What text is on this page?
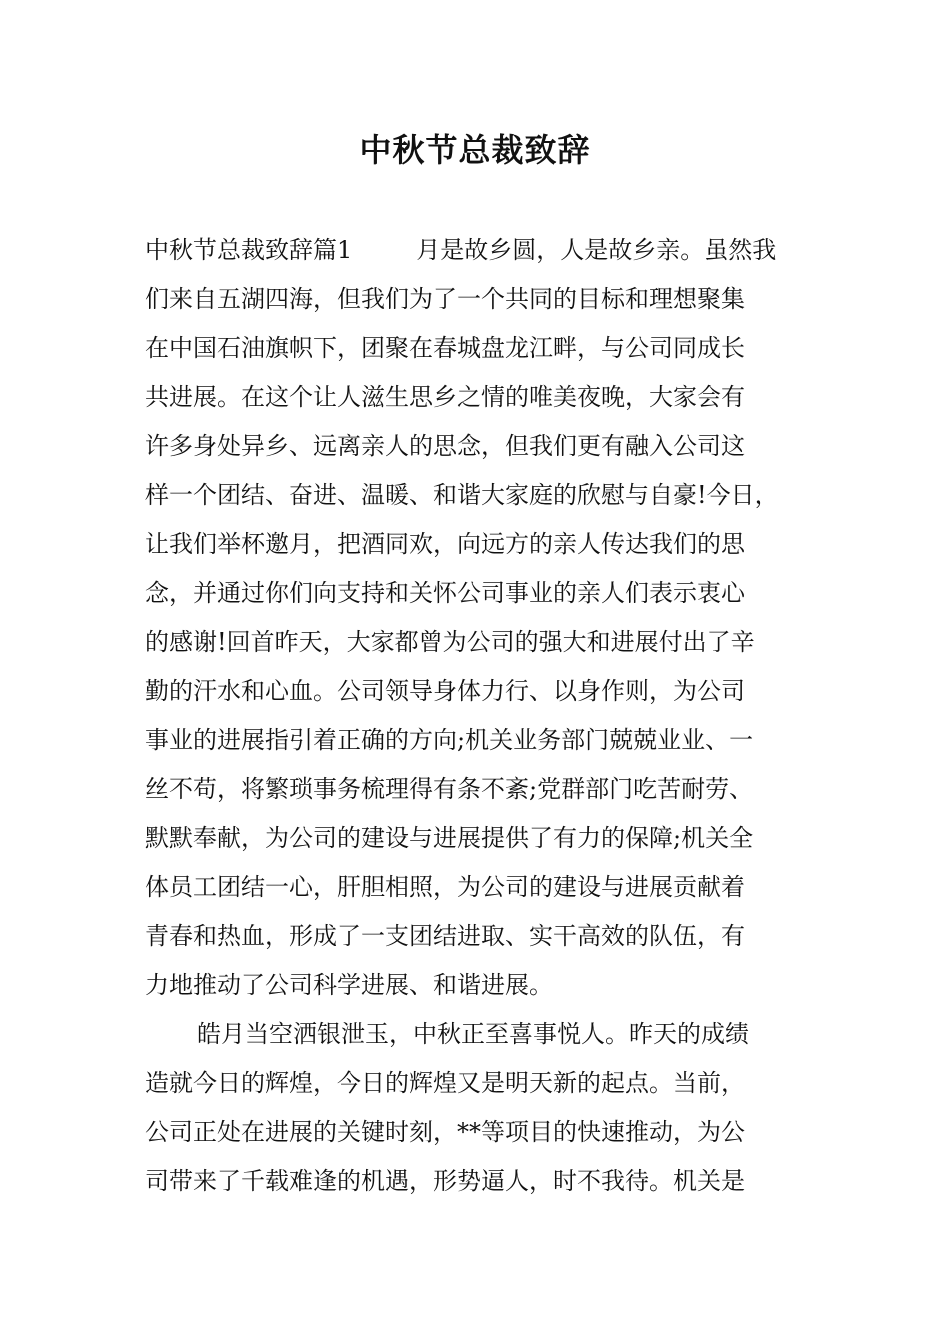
中秋节总裁致辞
中秋节总裁致辞篇1	月是故乡圆，人是故乡亲。虽然我
们来自五湖四海，但我们为了一个共同的目标和理想聚集
在中国石油旗帜下，团聚在春城盘龙江畔，与公司同成长
共进展。在这个让人滋生思乡之情的唯美夜晚，大家会有
许多身处异乡、远离亲人的思念，但我们更有融入公司这
样一个团结、奋进、温暖、和谐大家庭的欣慰与自豪!今日，
让我们举杯邀月，把酒同欢，向远方的亲人传达我们的思
念，并通过你们向支持和关怀公司事业的亲人们表示衷心
的感谢!回首昨天，大家都曾为公司的强大和进展付出了辛
勤的汗水和心血。公司领导身体力行、以身作则，为公司
事业的进展指引着正确的方向;机关业务部门兢兢业业、一
丝不苟，将繁琐事务梳理得有条不紊;党群部门吃苦耐劳、
默默奉献，为公司的建设与进展提供了有力的保障;机关全
体员工团结一心，肝胆相照，为公司的建设与进展贡献着
青春和热血，形成了一支团结进取、实干高效的队伍，有
力地推动了公司科学进展、和谐进展。
皓月当空洒银泄玉，中秋正至喜事悦人。昨天的成绩
造就今日的辉煌，今日的辉煌又是明天新的起点。当前，
公司正处在进展的关键时刻，**等项目的快速推动，为公
司带来了千载难逢的机遇，形势逼人，时不我待。机关是
